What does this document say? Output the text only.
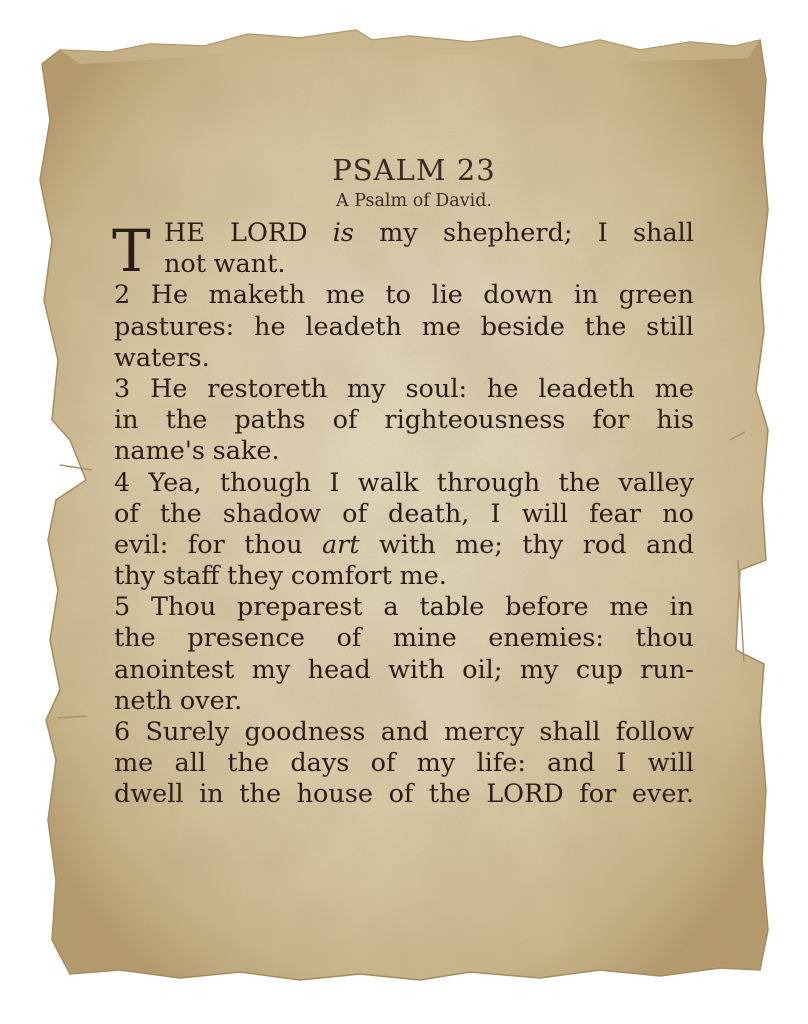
PSALM 23
A Psalm of David.
T HE LORD is my shepherd; I shall
not want.
2 He maketh me to lie down in green
pastures: he leadeth me beside the still
waters.
3 He restoreth my soul: he leadeth me
in the paths of righteousness for his
name's sake.
4 Yea, though I walk through the valley
of the shadow of death, I will fear no
evil: for thou art with me; thy rod and
thy staff they comfort me.
5 Thou preparest a table before me in
the presence of mine enemies: thou
anointest my head with oil; my cup run-
neth over.
6 Surely goodness and mercy shall follow
me all the days of my life: and I will
dwell in the house of the LORD for ever.
